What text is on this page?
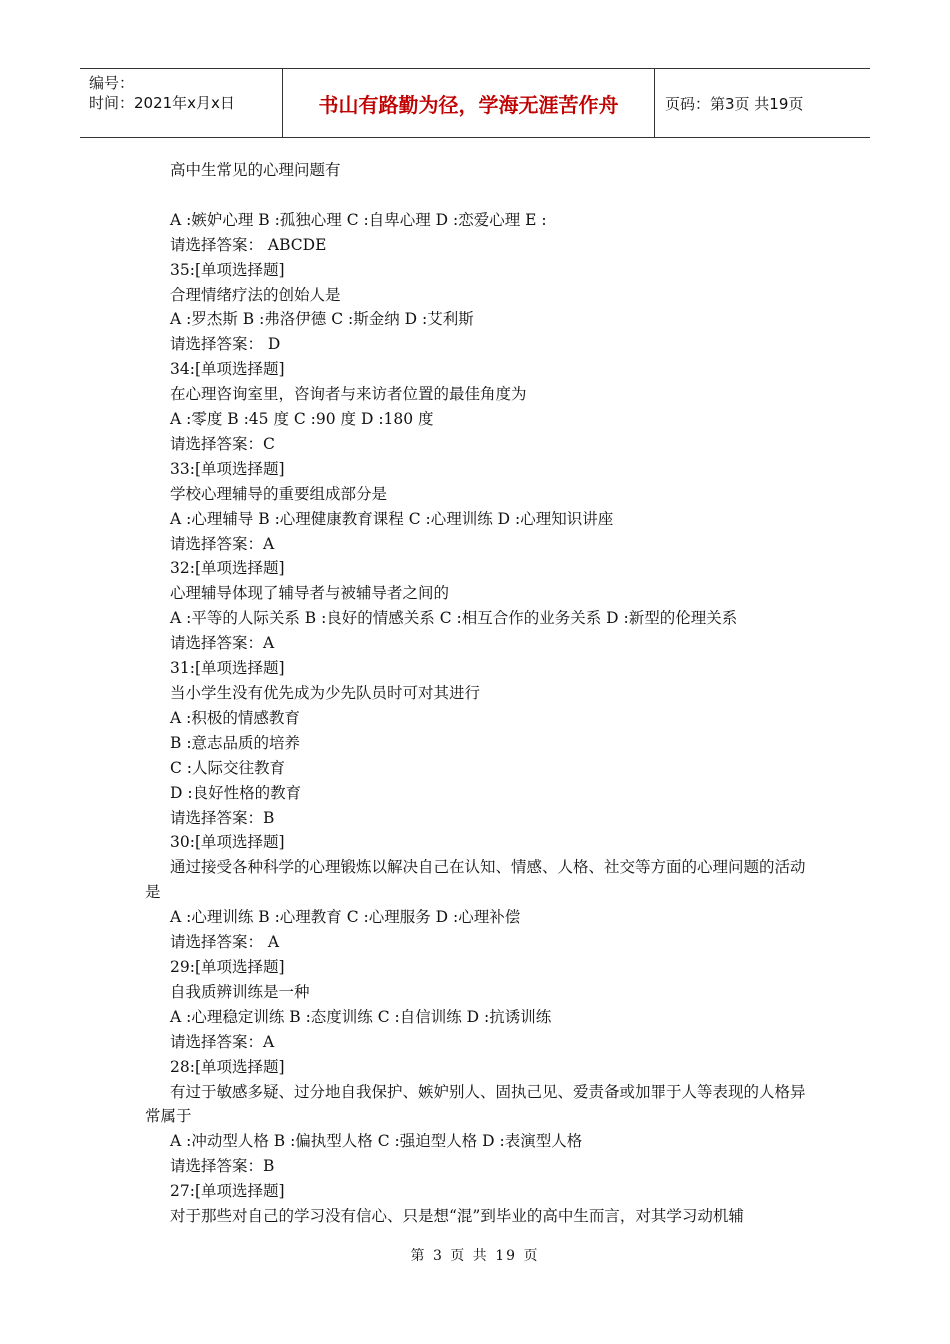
编号：
时间：2021年x月x日	书山有路勤为径，学海无涯苦作舟	页码：第3页 共19页
高中生常见的心理问题有
A :嫉妒心理 B :孤独心理 C :自卑心理 D :恋爱心理 E :
请选择答案： ABCDE
35:[单项选择题]
合理情绪疗法的创始人是
A :罗杰斯 B :弗洛伊德 C :斯金纳 D :艾利斯
请选择答案： D
34:[单项选择题]
在心理咨询室里，咨询者与来访者位置的最佳角度为
A :零度 B :45 度 C :90 度 D :180 度
请选择答案：C
33:[单项选择题]
学校心理辅导的重要组成部分是
A :心理辅导 B :心理健康教育课程 C :心理训练 D :心理知识讲座
请选择答案：A
32:[单项选择题]
心理辅导体现了辅导者与被辅导者之间的
A :平等的人际关系 B :良好的情感关系 C :相互合作的业务关系 D :新型的伦理关系
请选择答案：A
31:[单项选择题]
当小学生没有优先成为少先队员时可对其进行
A :积极的情感教育
B :意志品质的培养
C :人际交往教育
D :良好性格的教育
请选择答案：B
30:[单项选择题]
通过接受各种科学的心理锻炼以解决自己在认知、情感、人格、社交等方面的心理问题的活动是
A :心理训练 B :心理教育 C :心理服务 D :心理补偿
请选择答案： A
29:[单项选择题]
自我质辨训练是一种
A :心理稳定训练 B :态度训练 C :自信训练 D :抗诱训练
请选择答案：A
28:[单项选择题]
有过于敏感多疑、过分地自我保护、嫉妒别人、固执己见、爱责备或加罪于人等表现的人格异常属于
A :冲动型人格 B :偏执型人格 C :强迫型人格 D :表演型人格
请选择答案：B
27:[单项选择题]
对于那些对自己的学习没有信心、只是想“混”到毕业的高中生而言，对其学习动机辅
第 3 页 共 19 页
